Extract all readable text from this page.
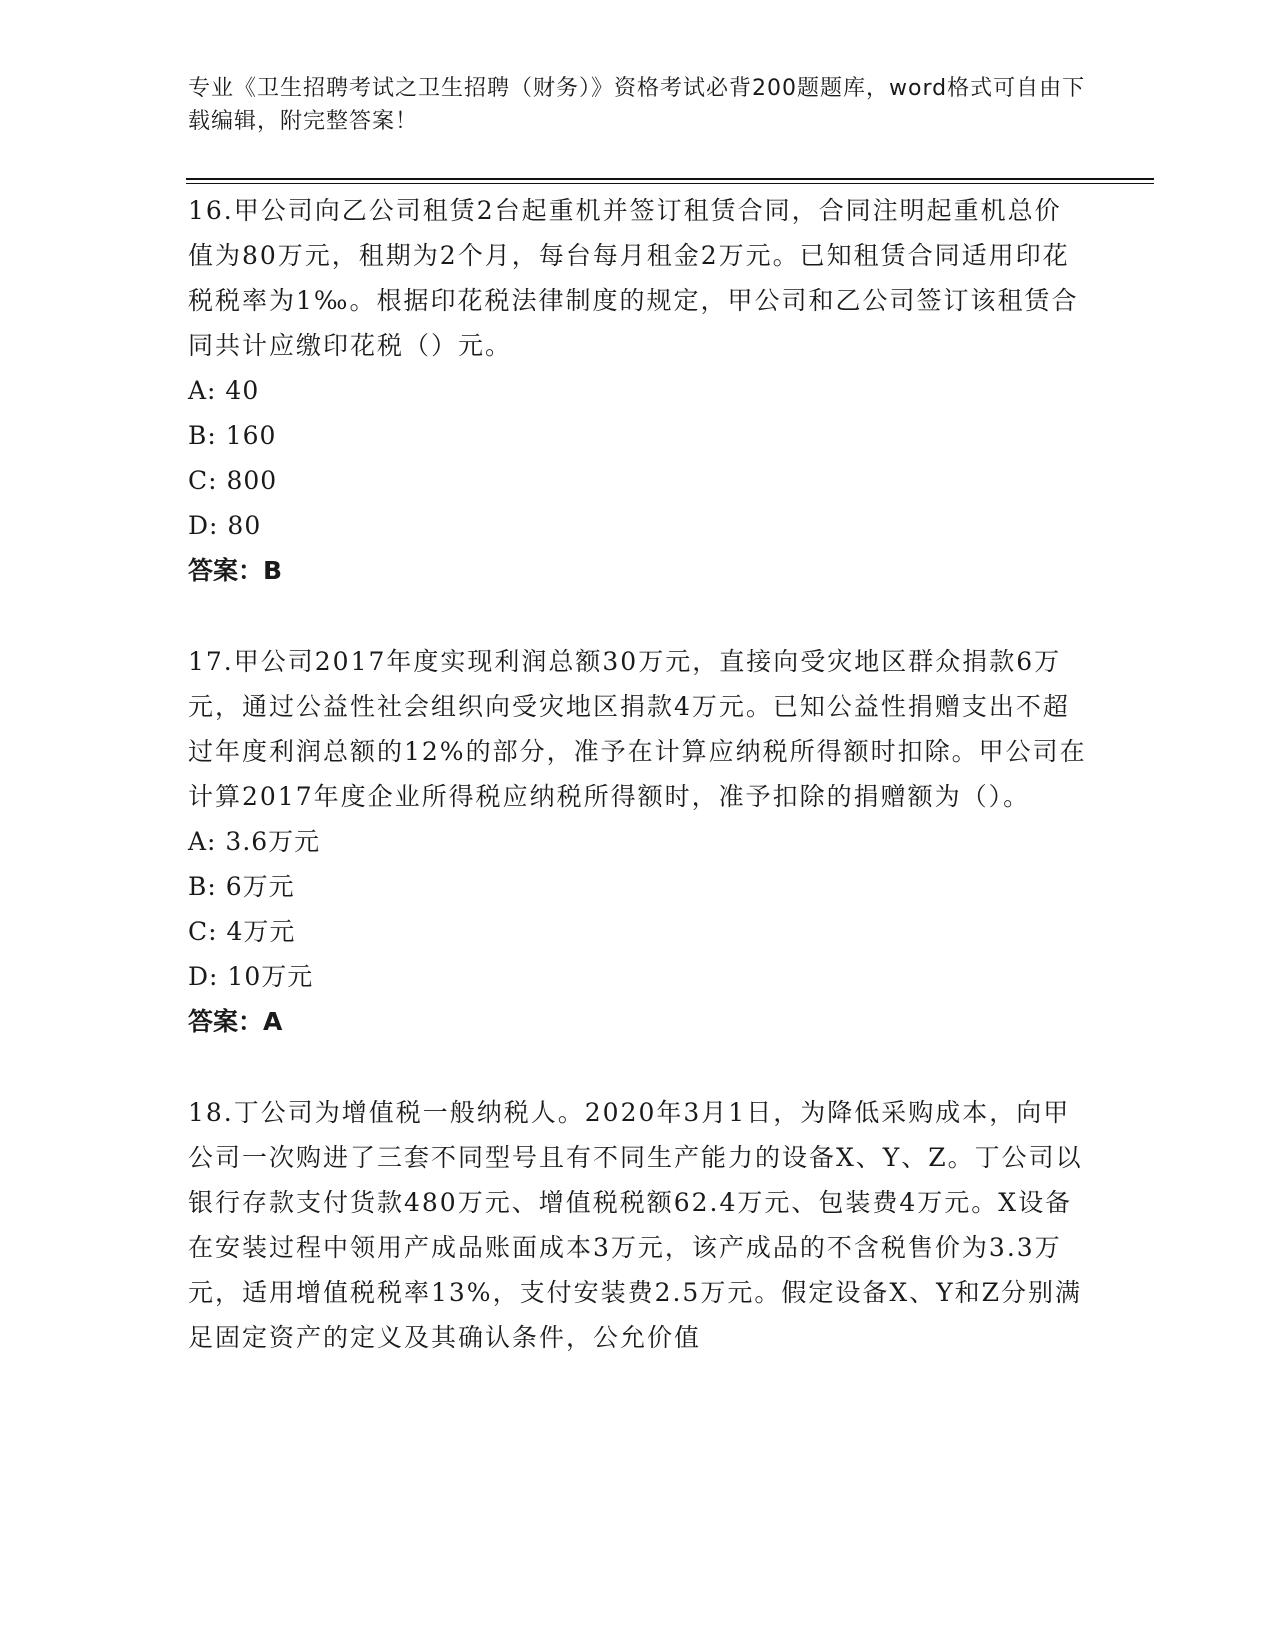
专业《卫生招聘考试之卫生招聘（财务）》资格考试必背200题题库，word格式可自由下载编辑，附完整答案！

16.甲公司向乙公司租赁2台起重机并签订租赁合同，合同注明起重机总价值为80万元，租期为2个月，每台每月租金2万元。已知租赁合同适用印花税税率为1‰。根据印花税法律制度的规定，甲公司和乙公司签订该租赁合同共计应缴印花税（）元。

A: 40

B: 160

C: 800

D: 80

答案：B

17.甲公司2017年度实现利润总额30万元，直接向受灾地区群众捐款6万元，通过公益性社会组织向受灾地区捐款4万元。已知公益性捐赠支出不超过年度利润总额的12%的部分，准予在计算应纳税所得额时扣除。甲公司在计算2017年度企业所得税应纳税所得额时，准予扣除的捐赠额为（）。

A: 3.6万元

B: 6万元

C: 4万元

D: 10万元

答案：A

18.丁公司为增值税一般纳税人。2020年3月1日，为降低采购成本，向甲公司一次购进了三套不同型号且有不同生产能力的设备X、Y、Z。丁公司以银行存款支付货款480万元、增值税税额62.4万元、包装费4万元。X设备在安装过程中领用产成品账面成本3万元，该产成品的不含税售价为3.3万元，适用增值税税率13%，支付安装费2.5万元。假定设备X、Y和Z分别满足固定资产的定义及其确认条件，公允价值
